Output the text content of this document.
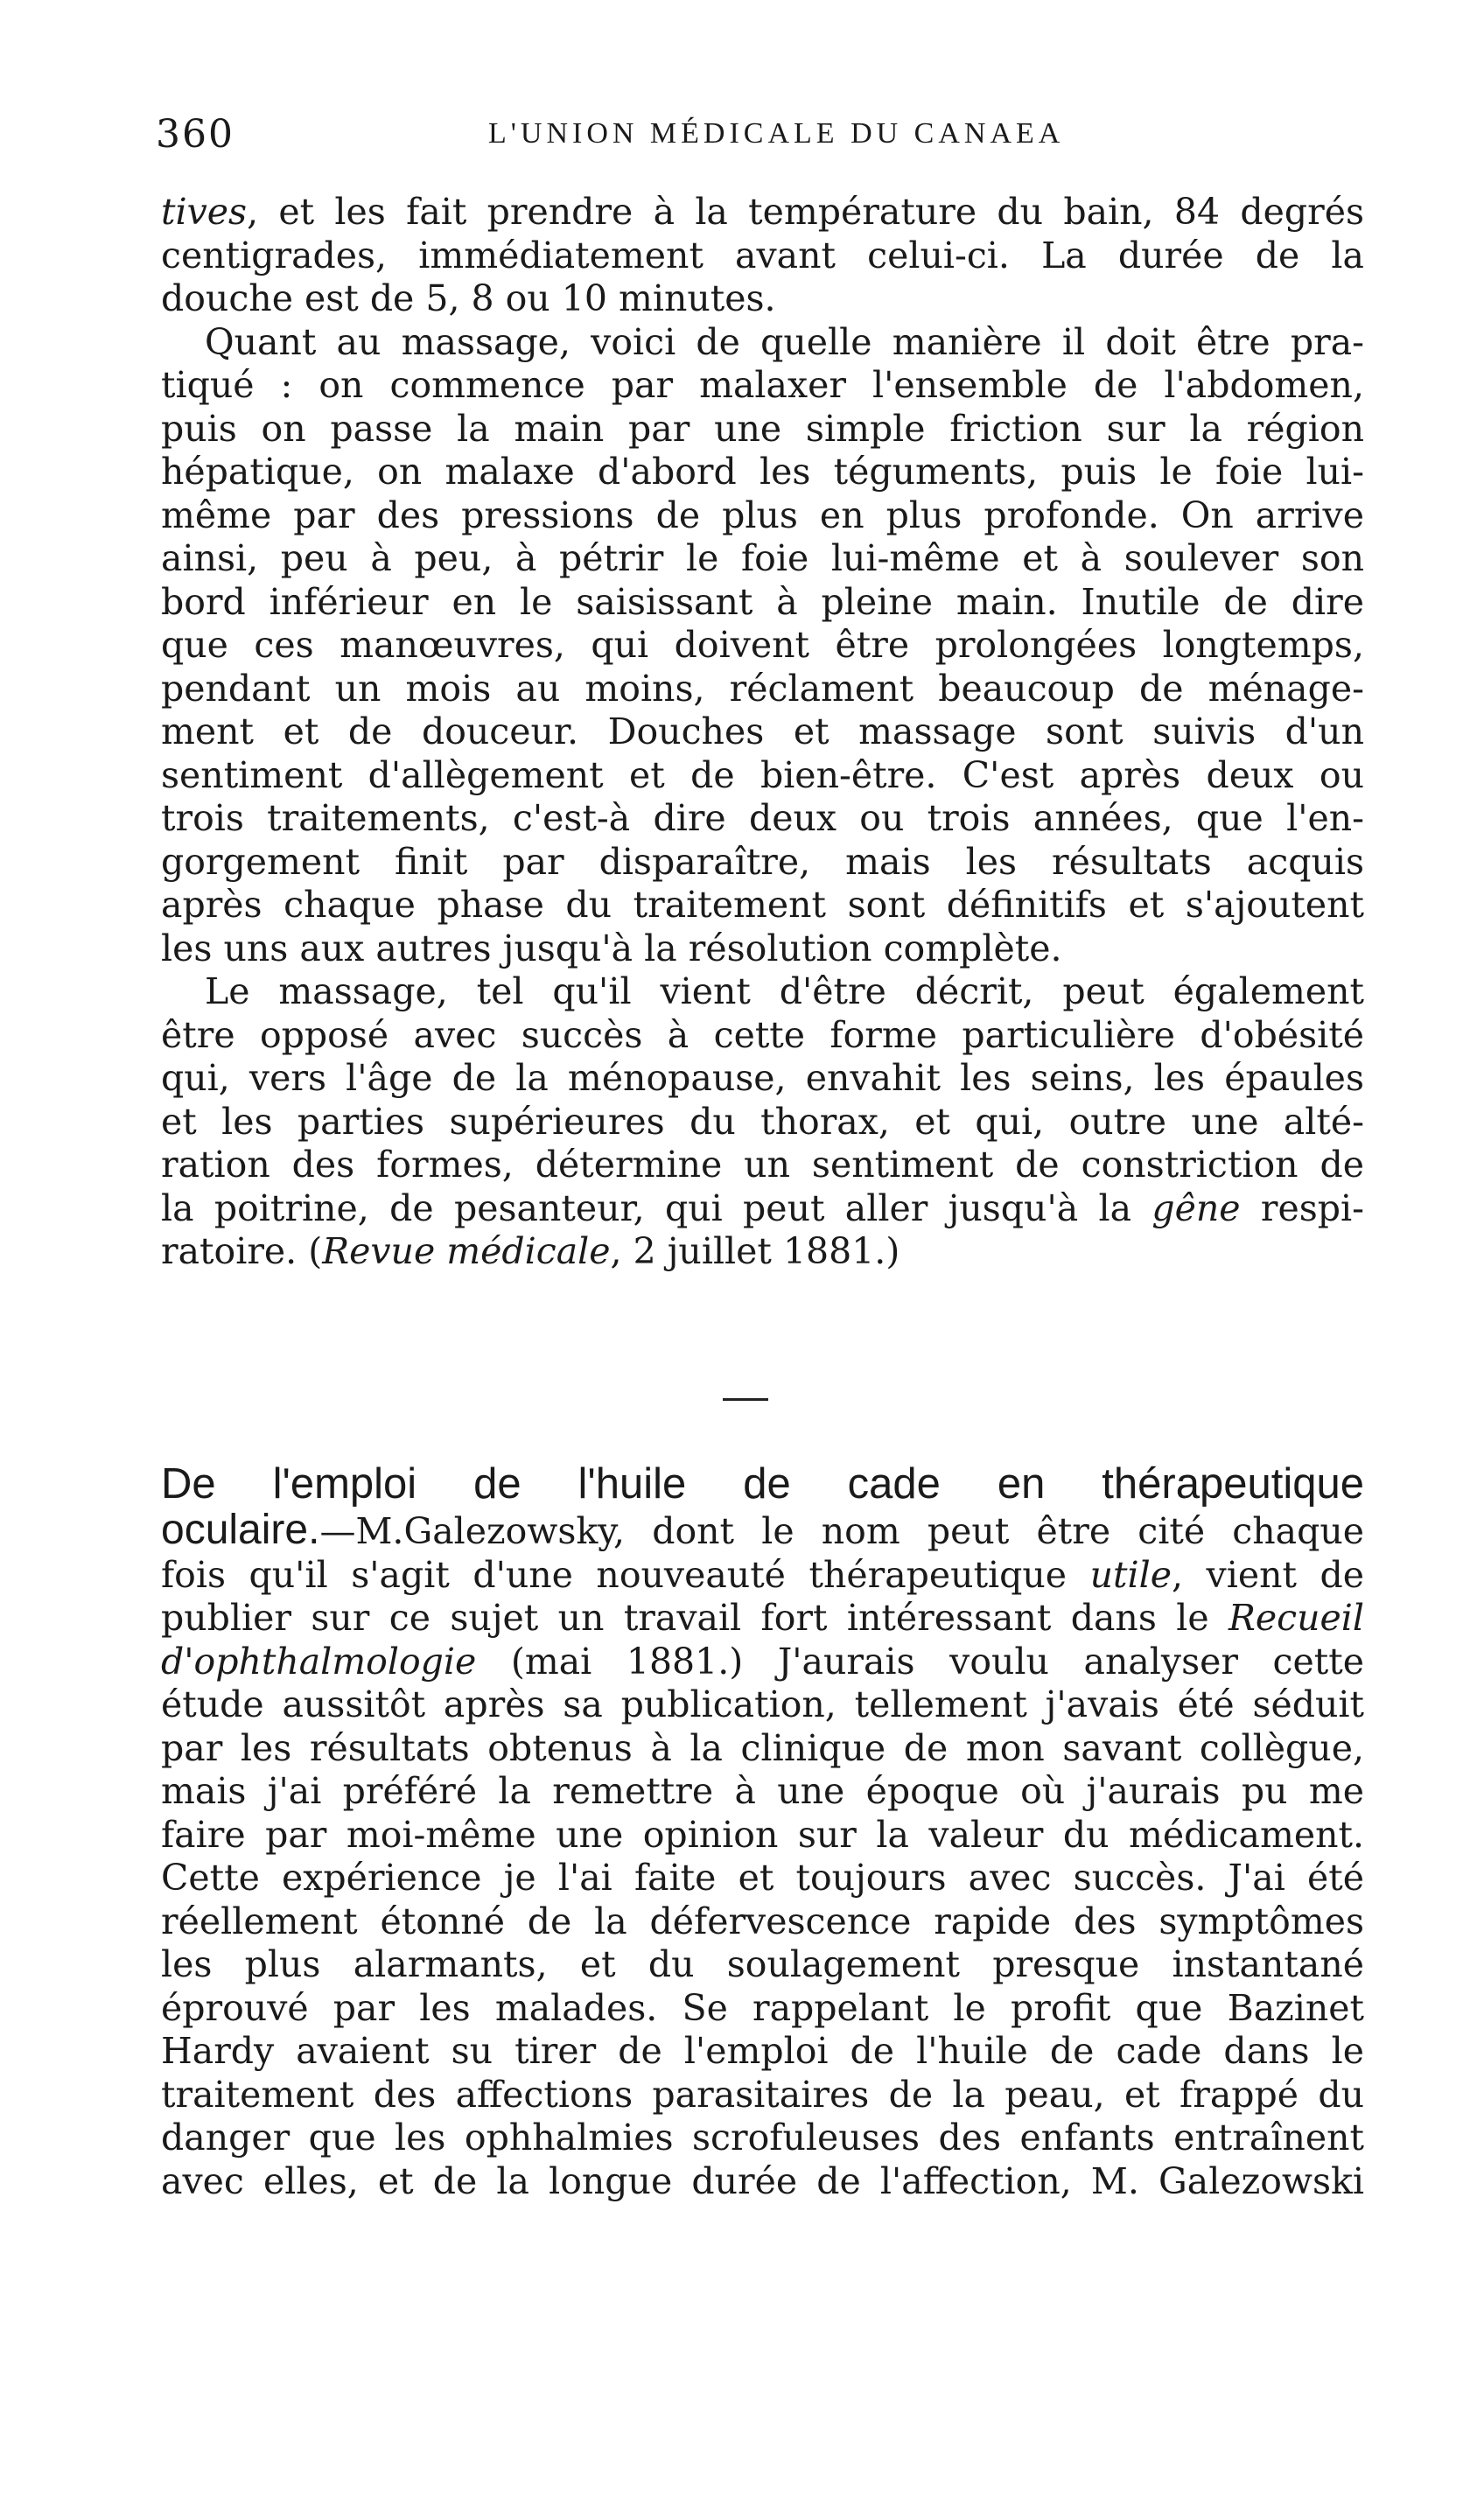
360	L'UNION MÉDICALE DU CANAEA
tives, et les fait prendre à la température du bain, 84 degrés
centigrades, immédiatement avant celui-ci. La durée de la
douche est de 5, 8 ou 10 minutes.
Quant au massage, voici de quelle manière il doit être pra-
tiqué : on commence par malaxer l'ensemble de l'abdomen,
puis on passe la main par une simple friction sur la région
hépatique, on malaxe d'abord les téguments, puis le foie lui-
même par des pressions de plus en plus profonde. On arrive
ainsi, peu à peu, à pétrir le foie lui-même et à soulever son
bord inférieur en le saisissant à pleine main. Inutile de dire
que ces manœuvres, qui doivent être prolongées longtemps,
pendant un mois au moins, réclament beaucoup de ménage-
ment et de douceur. Douches et massage sont suivis d'un
sentiment d'allègement et de bien-être. C'est après deux ou
trois traitements, c'est-à dire deux ou trois années, que l'en-
gorgement finit par disparaître, mais les résultats acquis
après chaque phase du traitement sont définitifs et s'ajoutent
les uns aux autres jusqu'à la résolution complète.
Le massage, tel qu'il vient d'être décrit, peut également
être opposé avec succès à cette forme particulière d'obésité
qui, vers l'âge de la ménopause, envahit les seins, les épaules
et les parties supérieures du thorax, et qui, outre une alté-
ration des formes, détermine un sentiment de constriction de
la poitrine, de pesanteur, qui peut aller jusqu'à la gêne respi-
ratoire. (Revue médicale, 2 juillet 1881.)
De l'emploi de l'huile de cade en thérapeutique
oculaire.—M.Galezowsky, dont le nom peut être cité chaque
fois qu'il s'agit d'une nouveauté thérapeutique utile, vient de
publier sur ce sujet un travail fort intéressant dans le Recueil
d'ophthalmologie (mai 1881.) J'aurais voulu analyser cette
étude aussitôt après sa publication, tellement j'avais été séduit
par les résultats obtenus à la clinique de mon savant collègue,
mais j'ai préféré la remettre à une époque où j'aurais pu me
faire par moi-même une opinion sur la valeur du médicament.
Cette expérience je l'ai faite et toujours avec succès. J'ai été
réellement étonné de la défervescence rapide des symptômes
les plus alarmants, et du soulagement presque instantané
éprouvé par les malades. Se rappelant le profit que Bazinet
Hardy avaient su tirer de l'emploi de l'huile de cade dans le
traitement des affections parasitaires de la peau, et frappé du
danger que les ophhalmies scrofuleuses des enfants entraînent
avec elles, et de la longue durée de l'affection, M. Galezowski
